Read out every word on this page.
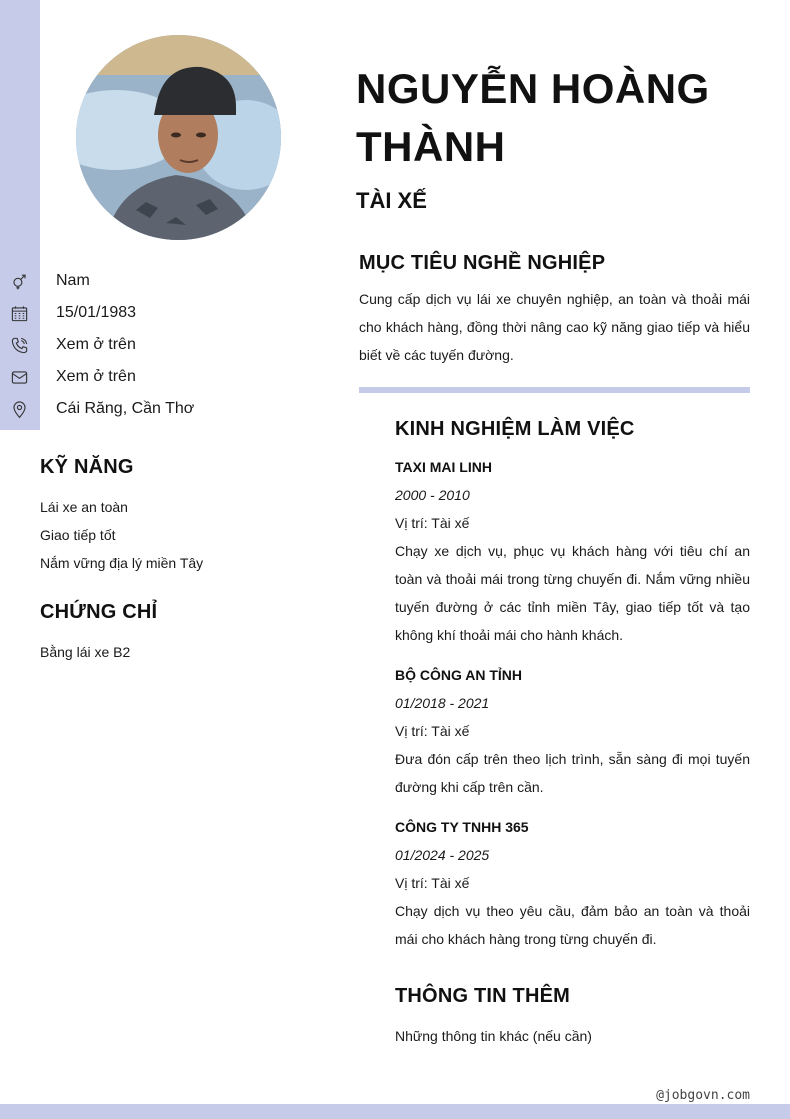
Nam
15/01/1983
Xem ở trên
Xem ở trên
Cái Răng, Cần Thơ
KỸ NĂNG
Lái xe an toàn
Giao tiếp tốt
Nắm vững địa lý miền Tây
CHỨNG CHỈ
Bằng lái xe B2
NGUYỄN HOÀNG THÀNH
TÀI XẾ
MỤC TIÊU NGHỀ NGHIỆP

Cung cấp dịch vụ lái xe chuyên nghiệp, an toàn và thoải mái cho khách hàng, đồng thời nâng cao kỹ năng giao tiếp và hiểu biết về các tuyến đường.

KINH NGHIỆM LÀM VIỆC
TAXI MAI LINH
2000 - 2010
Vị trí: Tài xế
Chạy xe dịch vụ, phục vụ khách hàng với tiêu chí an toàn và thoải mái trong từng chuyến đi. Nắm vững nhiều tuyến đường ở các tỉnh miền Tây, giao tiếp tốt và tạo không khí thoải mái cho hành khách.
BỘ CÔNG AN TỈNH
01/2018 - 2021
Vị trí: Tài xế
Đưa đón cấp trên theo lịch trình, sẵn sàng đi mọi tuyến đường khi cấp trên cần.
CÔNG TY TNHH 365
01/2024 - 2025
Vị trí: Tài xế
Chạy dịch vụ theo yêu cầu, đảm bảo an toàn và thoải mái cho khách hàng trong từng chuyến đi.
THÔNG TIN THÊM

Những thông tin khác (nếu cần)

@jobgovn.com
